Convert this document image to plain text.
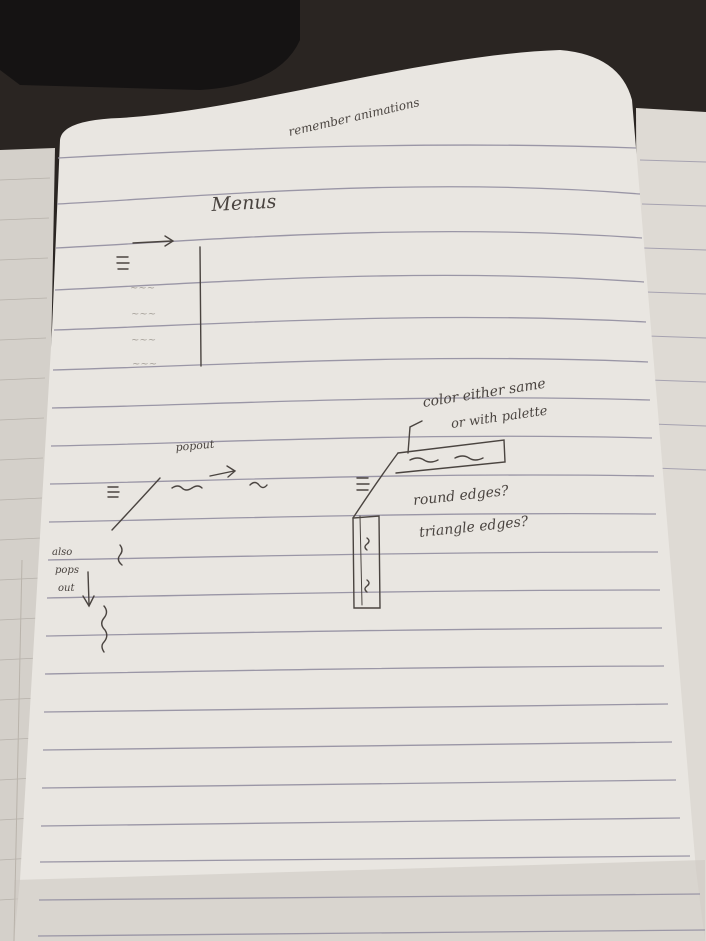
remember animations

Menus

~~~

~~~

~~~

~~~

popout

also

pops

out

color either same

or with palette

round edges?

triangle edges?
